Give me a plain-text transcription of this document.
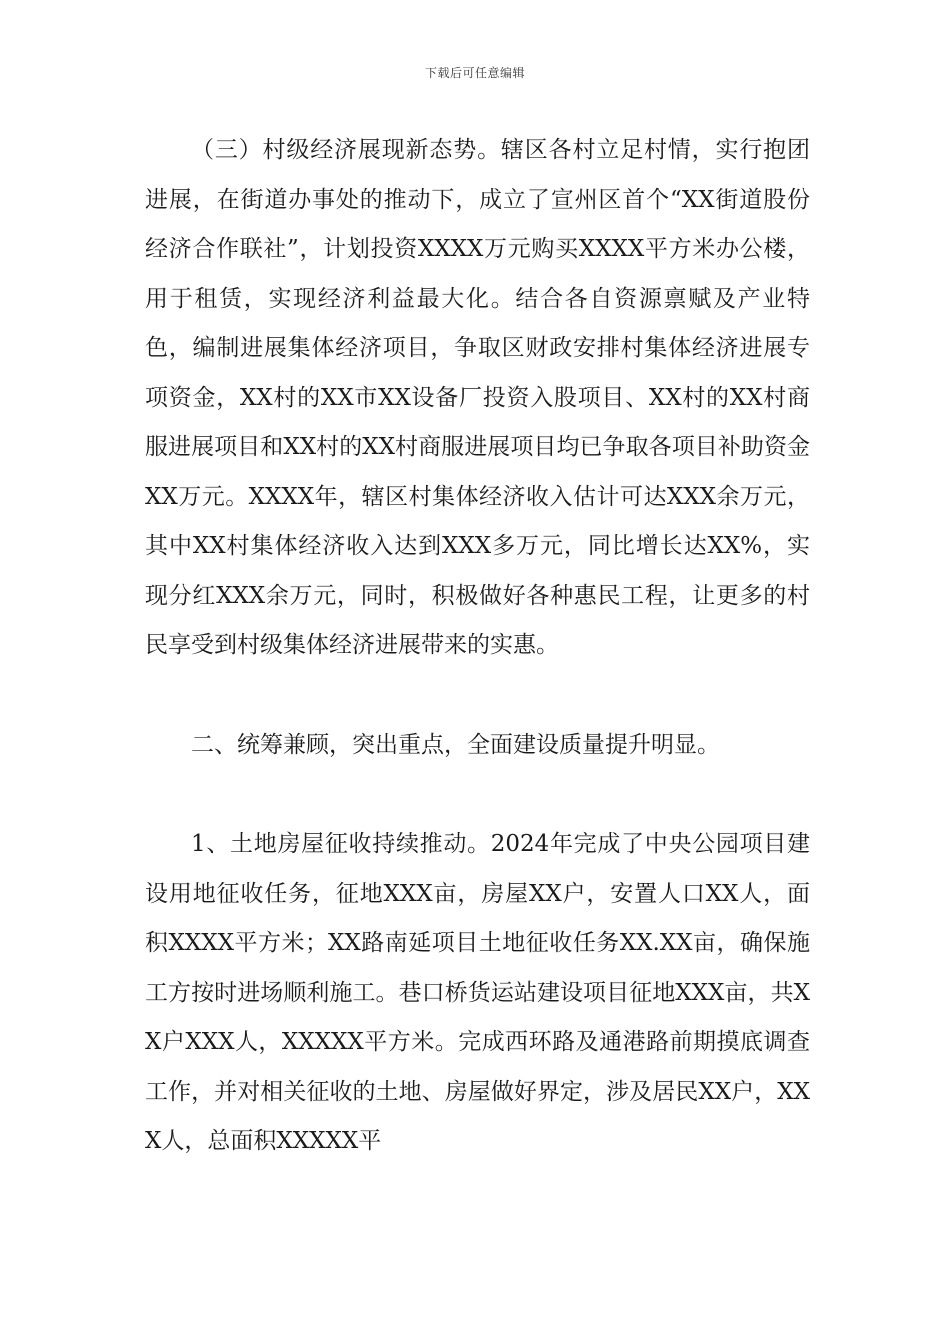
下载后可任意编辑

（三）村级经济展现新态势。辖区各村立足村情，实行抱团进展，在街道办事处的推动下，成立了宣州区首个“XX街道股份经济合作联社”，计划投资XXXX万元购买XXXX平方米办公楼，用于租赁，实现经济利益最大化。结合各自资源禀赋及产业特色，编制进展集体经济项目，争取区财政安排村集体经济进展专项资金，XX村的XX市XX设备厂投资入股项目、XX村的XX村商服进展项目和XX村的XX村商服进展项目均已争取各项目补助资金XX万元。XXXX年，辖区村集体经济收入估计可达XXX余万元，其中XX村集体经济收入达到XXX多万元，同比增长达XX%，实现分红XXX余万元，同时，积极做好各种惠民工程，让更多的村民享受到村级集体经济进展带来的实惠。

二、统筹兼顾，突出重点，全面建设质量提升明显。

1、土地房屋征收持续推动。2024年完成了中央公园项目建设用地征收任务，征地XXX亩，房屋XX户，安置人口XX人，面积XXXX平方米；XX路南延项目土地征收任务XX.XX亩，确保施工方按时进场顺利施工。巷口桥货运站建设项目征地XXX亩，共XX户XXX人，XXXXX平方米。完成西环路及通港路前期摸底调查工作，并对相关征收的土地、房屋做好界定，涉及居民XX户，XXX人，总面积XXXXX平
